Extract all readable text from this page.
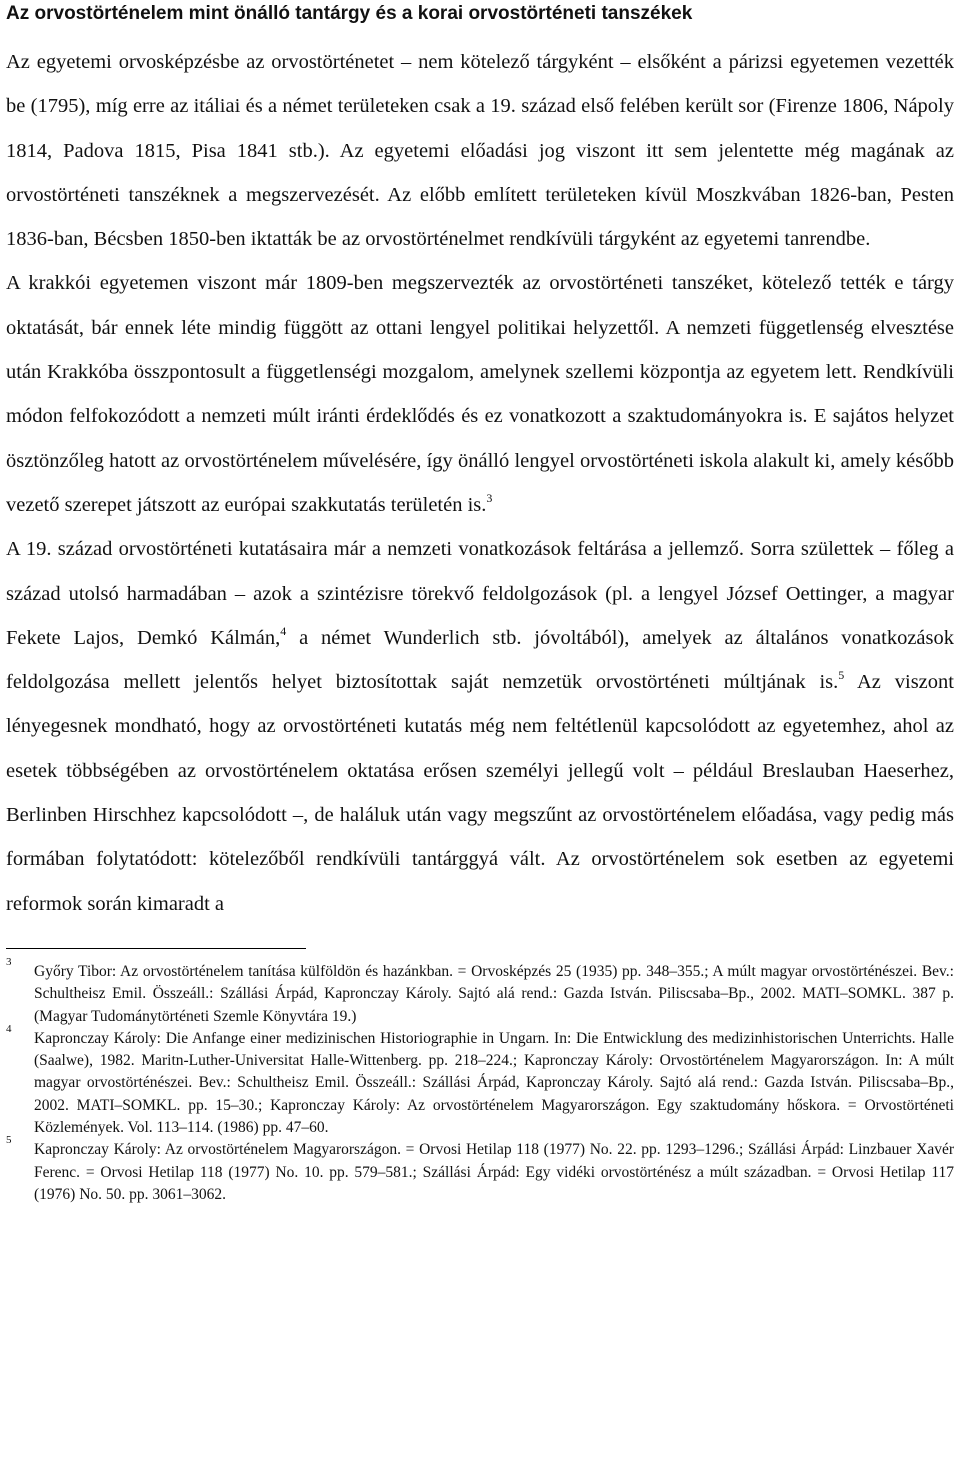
Az orvostörténelem mint önálló tantárgy és a korai orvostörténeti tanszékek

Az egyetemi orvosképzésbe az orvostörténetet – nem kötelező tárgyként – elsőként a párizsi egyetemen vezették be (1795), míg erre az itáliai és a német területeken csak a 19. század első felében került sor (Firenze 1806, Nápoly 1814, Padova 1815, Pisa 1841 stb.). Az egyetemi előadási jog viszont itt sem jelentette még magának az orvostörténeti tanszéknek a megszervezését. Az előbb említett területeken kívül Moszkvában 1826-ban, Pesten 1836-ban, Bécsben 1850-ben iktatták be az orvostörténelmet rendkívüli tárgyként az egyetemi tanrendbe.

A krakkói egyetemen viszont már 1809-ben megszervezték az orvostörténeti tanszéket, kötelező tették e tárgy oktatását, bár ennek léte mindig függött az ottani lengyel politikai helyzettől. A nemzeti függetlenség elvesztése után Krakkóba összpontosult a függetlenségi mozgalom, amelynek szellemi központja az egyetem lett. Rendkívüli módon felfokozódott a nemzeti múlt iránti érdeklődés és ez vonatkozott a szaktudományokra is. E sajátos helyzet ösztönzőleg hatott az orvostörténelem művelésére, így önálló lengyel orvostörténeti iskola alakult ki, amely később vezető szerepet játszott az európai szakkutatás területén is.$^3$

A 19. század orvostörténeti kutatásaira már a nemzeti vonatkozások feltárása a jellemző. Sorra születtek – főleg a század utolsó harmadában – azok a szintézisre törekvő feldolgozások (pl. a lengyel József Oettinger, a magyar Fekete Lajos, Demkó Kálmán,$^4$ a német Wunderlich stb. jóvoltából), amelyek az általános vonatkozások feldolgozása mellett jelentős helyet biztosítottak saját nemzetük orvostörténeti múltjának is.$^5$ Az viszont lényegesnek mondható, hogy az orvostörténeti kutatás még nem feltétlenül kapcsolódott az egyetemhez, ahol az esetek többségében az orvostörténelem oktatása erősen személyi jellegű volt – például Breslauban Haeserhez, Berlinben Hirschhez kapcsolódott –, de haláluk után vagy megszűnt az orvostörténelem előadása, vagy pedig más formában folytatódott: kötelezőből rendkívüli tantárggyá vált. Az orvostörténelem sok esetben az egyetemi reformok során kimaradt a

3
Győry Tibor: Az orvostörténelem tanítása külföldön és hazánkban. = Orvosképzés 25 (1935) pp. 348–355.; A múlt magyar orvostörténészei. Bev.: Schultheisz Emil. Összeáll.: Szállási Árpád, Kapronczay Károly. Sajtó alá rend.: Gazda István. Piliscsaba–Bp., 2002. MATI–SOMKL. 387 p. (Magyar Tudománytörténeti Szemle Könyvtára 19.)
4
Kapronczay Károly: Die Anfange einer medizinischen Historiographie in Ungarn. In: Die Entwicklung des medizinhistorischen Unterrichts. Halle (Saalwe), 1982. Maritn-Luther-Universitat Halle-Wittenberg. pp. 218–224.; Kapronczay Károly: Orvostörténelem Magyarországon. In: A múlt magyar orvostörténészei. Bev.: Schultheisz Emil. Összeáll.: Szállási Árpád, Kapronczay Károly. Sajtó alá rend.: Gazda István. Piliscsaba–Bp., 2002. MATI–SOMKL. pp. 15–30.; Kapronczay Károly: Az orvostörténelem Magyarországon. Egy szaktudomány hőskora. = Orvostörténeti Közlemények. Vol. 113–114. (1986) pp. 47–60.
5
Kapronczay Károly: Az orvostörténelem Magyarországon. = Orvosi Hetilap 118 (1977) No. 22. pp. 1293–1296.; Szállási Árpád: Linzbauer Xavér Ferenc. = Orvosi Hetilap 118 (1977) No. 10. pp. 579–581.; Szállási Árpád: Egy vidéki orvostörténész a múlt században. = Orvosi Hetilap 117 (1976) No. 50. pp. 3061–3062.
